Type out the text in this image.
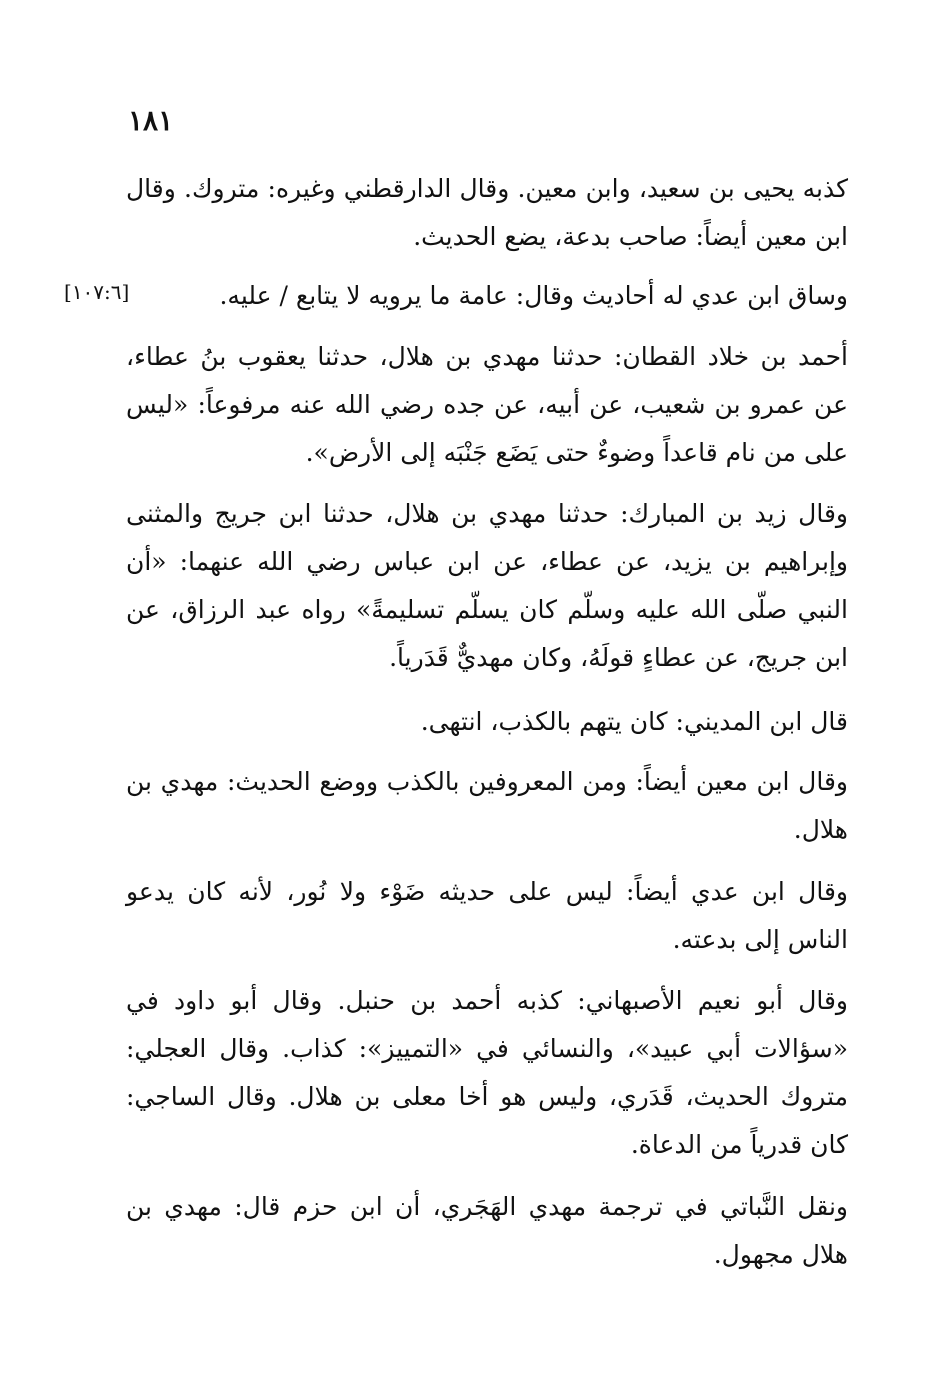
١٨١

كذبه يحيى بن سعيد، وابن معين. وقال الدارقطني وغيره: متروك. وقال ابن معين أيضاً: صاحب بدعة، يضع الحديث.

[١٠٧:٦]	وساق ابن عدي له أحاديث وقال: عامة ما يرويه لا يتابع / عليه.

أحمد بن خلاد القطان: حدثنا مهدي بن هلال، حدثنا يعقوب بنُ عطاء، عن عمرو بن شعيب، عن أبيه، عن جده رضي الله عنه مرفوعاً: «ليس على من نام قاعداً وضوءٌ حتى يَضَع جَنْبَه إلى الأرض».

وقال زيد بن المبارك: حدثنا مهدي بن هلال، حدثنا ابن جريج والمثنى وإبراهيم بن يزيد، عن عطاء، عن ابن عباس رضي الله عنهما: «أن النبي صلّى الله عليه وسلّم كان يسلّم تسليمةً» رواه عبد الرزاق، عن ابن جريج، عن عطاءٍ قولَهُ، وكان مهديٌّ قَدَرياً.

قال ابن المديني: كان يتهم بالكذب، انتهى.

وقال ابن معين أيضاً: ومن المعروفين بالكذب ووضع الحديث: مهدي بن هلال.

وقال ابن عدي أيضاً: ليس على حديثه ضَوْء ولا نُور، لأنه كان يدعو الناس إلى بدعته.

وقال أبو نعيم الأصبهاني: كذبه أحمد بن حنبل. وقال أبو داود في «سؤالات أبي عبيد»، والنسائي في «التمييز»: كذاب. وقال العجلي: متروك الحديث، قَدَري، وليس هو أخا معلى بن هلال. وقال الساجي: كان قدرياً من الدعاة.

ونقل النَّباتي في ترجمة مهدي الهَجَري، أن ابن حزم قال: مهدي بن هلال مجهول.
